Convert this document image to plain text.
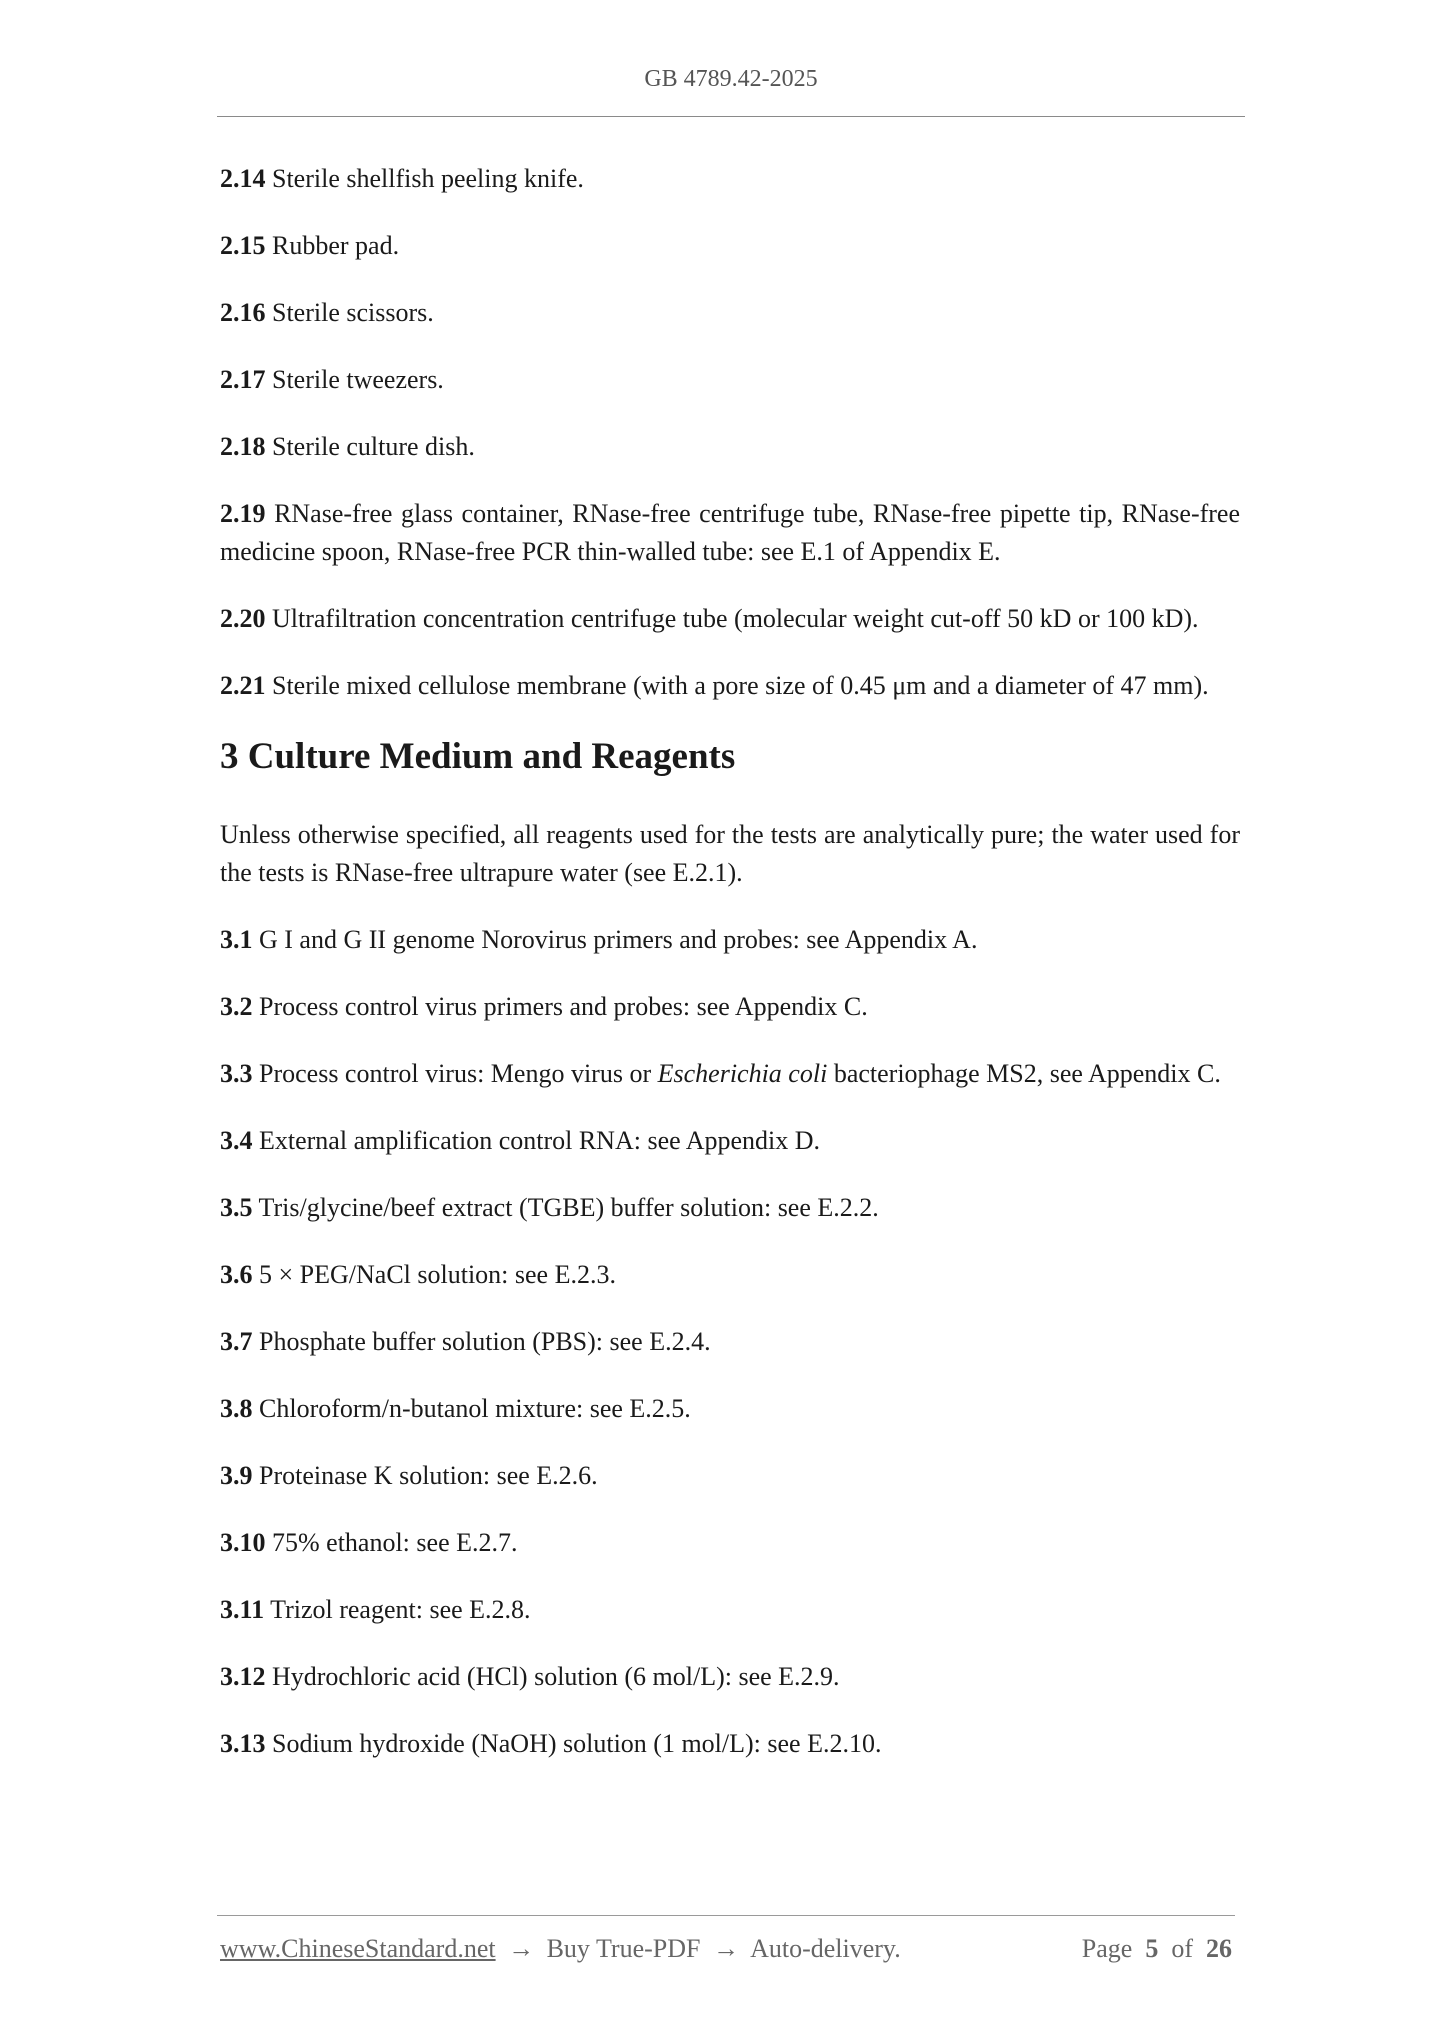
GB 4789.42-2025

2.14 Sterile shellfish peeling knife.

2.15 Rubber pad.

2.16 Sterile scissors.

2.17 Sterile tweezers.

2.18 Sterile culture dish.

2.19 RNase-free glass container, RNase-free centrifuge tube, RNase-free pipette tip, RNase-free medicine spoon, RNase-free PCR thin-walled tube: see E.1 of Appendix E.

2.20 Ultrafiltration concentration centrifuge tube (molecular weight cut-off 50 kD or 100 kD).

2.21 Sterile mixed cellulose membrane (with a pore size of 0.45 μm and a diameter of 47 mm).

3 Culture Medium and Reagents

Unless otherwise specified, all reagents used for the tests are analytically pure; the water used for the tests is RNase-free ultrapure water (see E.2.1).

3.1 G I and G II genome Norovirus primers and probes: see Appendix A.

3.2 Process control virus primers and probes: see Appendix C.

3.3 Process control virus: Mengo virus or Escherichia coli bacteriophage MS2, see Appendix C.

3.4 External amplification control RNA: see Appendix D.

3.5 Tris/glycine/beef extract (TGBE) buffer solution: see E.2.2.

3.6 5 × PEG/NaCl solution: see E.2.3.

3.7 Phosphate buffer solution (PBS): see E.2.4.

3.8 Chloroform/n-butanol mixture: see E.2.5.

3.9 Proteinase K solution: see E.2.6.

3.10 75% ethanol: see E.2.7.

3.11 Trizol reagent: see E.2.8.

3.12 Hydrochloric acid (HCl) solution (6 mol/L): see E.2.9.

3.13 Sodium hydroxide (NaOH) solution (1 mol/L): see E.2.10.

www.ChineseStandard.net → Buy True-PDF → Auto-delivery.	Page 5 of 26
